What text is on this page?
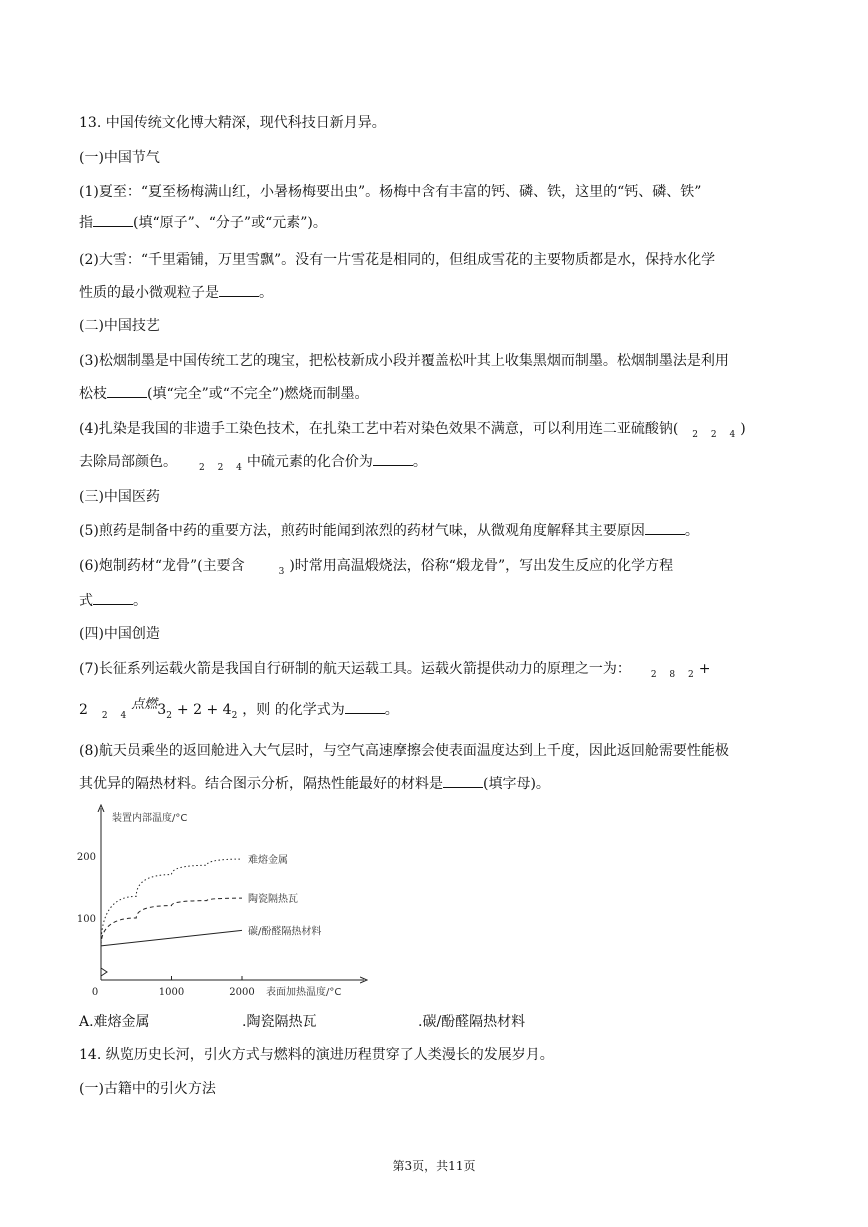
13. 中国传统文化博大精深，现代科技日新月异。
(一)中国节气
(1)夏至：“夏至杨梅满山红，小暑杨梅要出虫”。杨梅中含有丰富的钙、磷、铁，这里的“钙、磷、铁”
指	(填“原子”、“分子”或“元素”)。
(2)大雪：“千里霜铺，万里雪飘”。没有一片雪花是相同的，但组成雪花的主要物质都是水，保持水化学
性质的最小微观粒子是	。
(二)中国技艺
(3)松烟制墨是中国传统工艺的瑰宝，把松枝新成小段并覆盖松叶其上收集黑烟而制墨。松烟制墨法是利用
松枝	(填“完全”或“不完全”)燃烧而制墨。
(4)扎染是我国的非遗手工染色技术，在扎染工艺中若对染色效果不满意，可以利用连二亚硫酸钠( $_{2 2 4}$)
去除局部颜色。 $_{2 2 4}$中硫元素的化合价为	。
(三)中国医药
(5)煎药是制备中药的重要方法，煎药时能闻到浓烈的药材气味，从微观角度解释其主要原因	。
(6)炮制药材“龙骨”(主要含	$_3$)时常用高温煅烧法，俗称“煅龙骨”，写出发生反应的化学方程
式	。
(四)中国创造
(7)长征系列运载火箭是我国自行研制的航天运载工具。运载火箭提供动力的原理之一为： $_{2 8 2}$+
2 $_{2 4}$点燃$3_2+ 2 + 4_2$，则 的化学式为	。
(8)航天员乘坐的返回舱进入大气层时，与空气高速摩擦会使表面温度达到上千度，因此返回舱需要性能极
其优异的隔热材料。结合图示分析，隔热性能最好的材料是	(填字母)。
装置内部温度/°C
表面加热温度/°C
0	1000	2000
100
200	难熔金属
陶瓷隔热瓦
碳/酚醛隔热材料
A.难熔金属	.陶瓷隔热瓦	.碳/酚醛隔热材料
14. 纵览历史长河，引火方式与燃料的演进历程贯穿了人类漫长的发展岁月。
(一)古籍中的引火方法
第3页，共11页
